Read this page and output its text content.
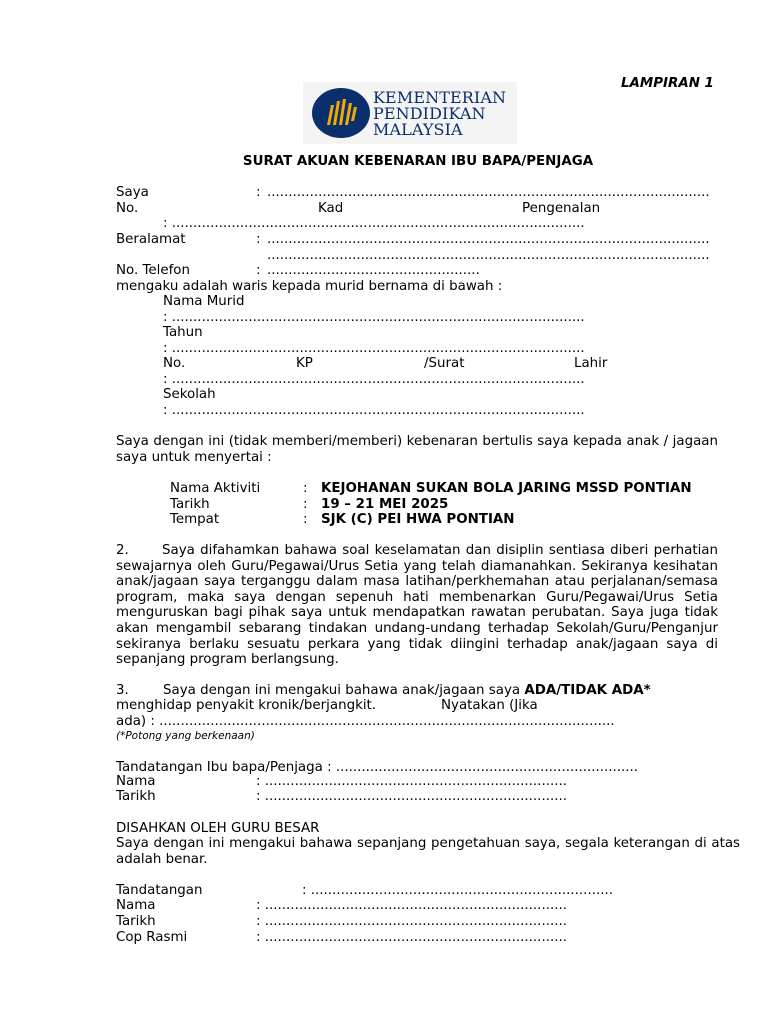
LAMPIRAN 1
KEMENTERIAN
PENDIDIKAN
MALAYSIA
SURAT AKUAN KEBENARAN IBU BAPA/PENJAGA
Saya	: ........................................................................................................
No.	Kad	Pengenalan
: .................................................................................................
Beralamat	: ........................................................................................................
........................................................................................................
No. Telefon	: ..................................................
mengaku adalah waris kepada murid bernama di bawah :
Nama Murid
: .................................................................................................
Tahun
: .................................................................................................
No.	KP	/Surat	Lahir
: .................................................................................................
Sekolah
: .................................................................................................
Saya dengan ini (tidak memberi/memberi) kebenaran bertulis saya kepada anak / jagaan saya untuk menyertai :
Nama Aktiviti	: KEJOHANAN SUKAN BOLA JARING MSSD PONTIAN
Tarikh	: 19 – 21 MEI 2025
Tempat	: SJK (C) PEI HWA PONTIAN
2.	Saya difahamkan bahawa soal keselamatan dan disiplin sentiasa diberi perhatian sewajarnya oleh Guru/Pegawai/Urus Setia yang telah diamanahkan. Sekiranya kesihatan anak/jagaan saya terganggu dalam masa latihan/perkhemahan atau perjalanan/semasa program, maka saya dengan sepenuh hati membenarkan Guru/Pegawai/Urus Setia menguruskan bagi pihak saya untuk mendapatkan rawatan perubatan. Saya juga tidak akan mengambil sebarang tindakan undang-undang terhadap Sekolah/Guru/Penganjur sekiranya berlaku sesuatu perkara yang tidak diingini terhadap anak/jagaan saya di sepanjang program berlangsung.
3.	Saya dengan ini mengakui bahawa anak/jagaan saya ADA/TIDAK ADA*
menghidap penyakit kronik/berjangkit.	Nyatakan (Jika
ada) : ...........................................................................................................
(*Potong yang berkenaan)
Tandatangan Ibu bapa/Penjaga : .......................................................................
Nama	: .......................................................................
Tarikh	: .......................................................................
DISAHKAN OLEH GURU BESAR
Saya dengan ini mengakui bahawa sepanjang pengetahuan saya, segala keterangan di atas adalah benar.
Tandatangan	: .......................................................................
Nama	: .......................................................................
Tarikh	: .......................................................................
Cop Rasmi	: .......................................................................
